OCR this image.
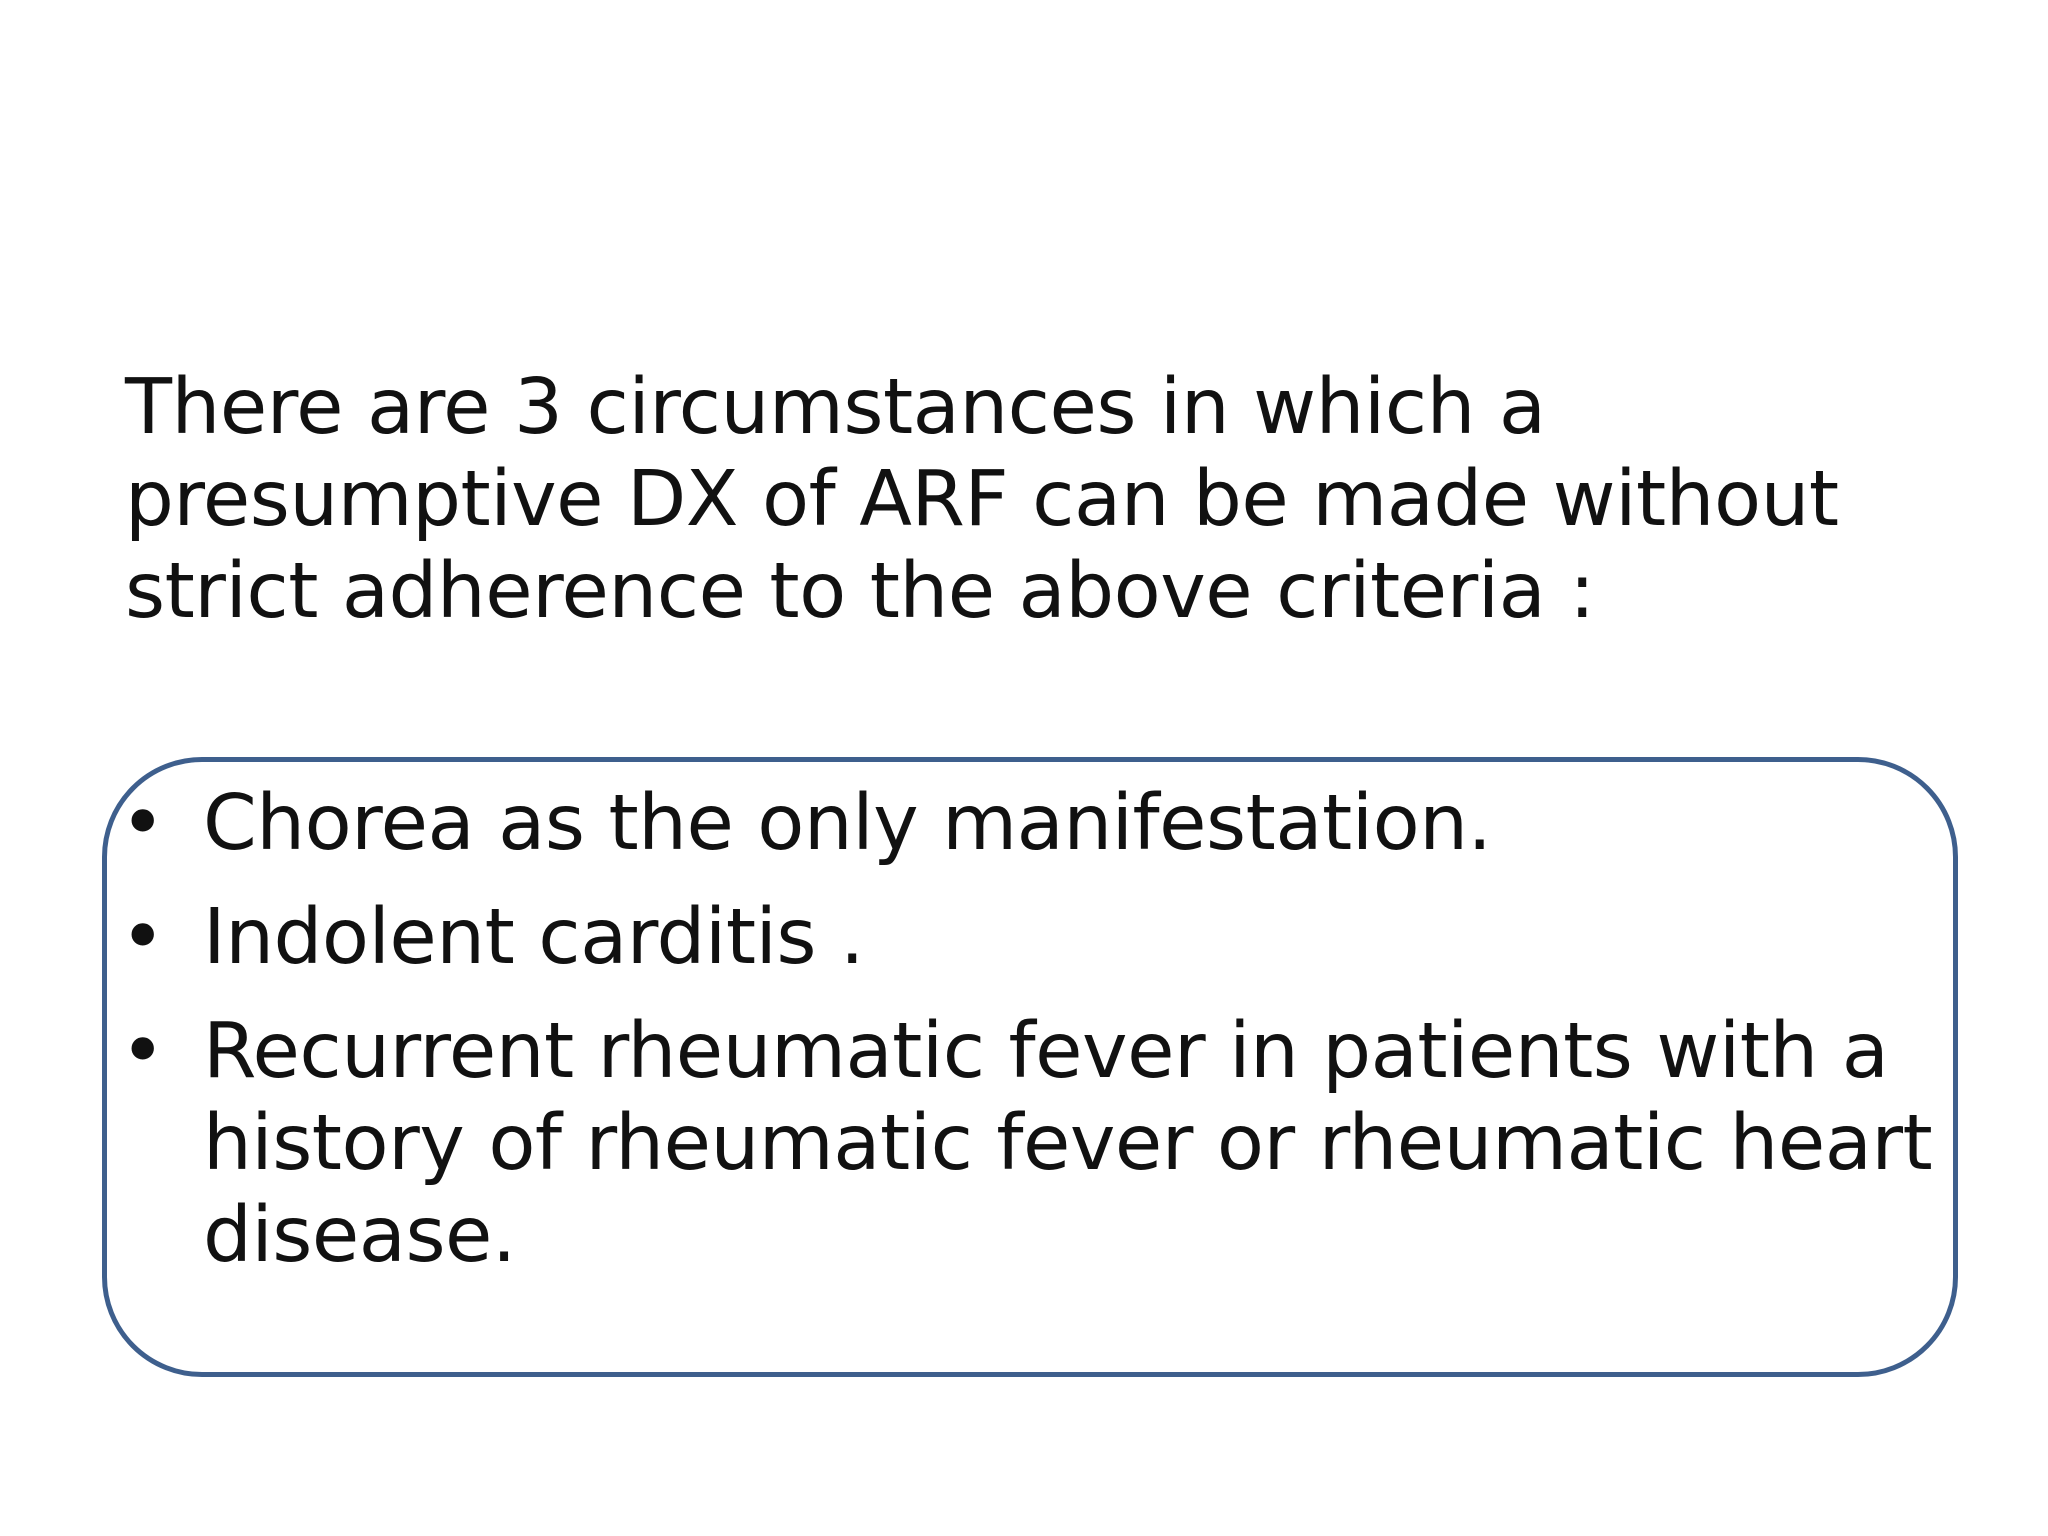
There are 3 circumstances in which a presumptive DX of ARF can be made without strict adherence to the above criteria :

• Chorea as the only manifestation.
• Indolent carditis .
• Recurrent rheumatic fever in patients with a history of rheumatic fever or rheumatic heart disease.
